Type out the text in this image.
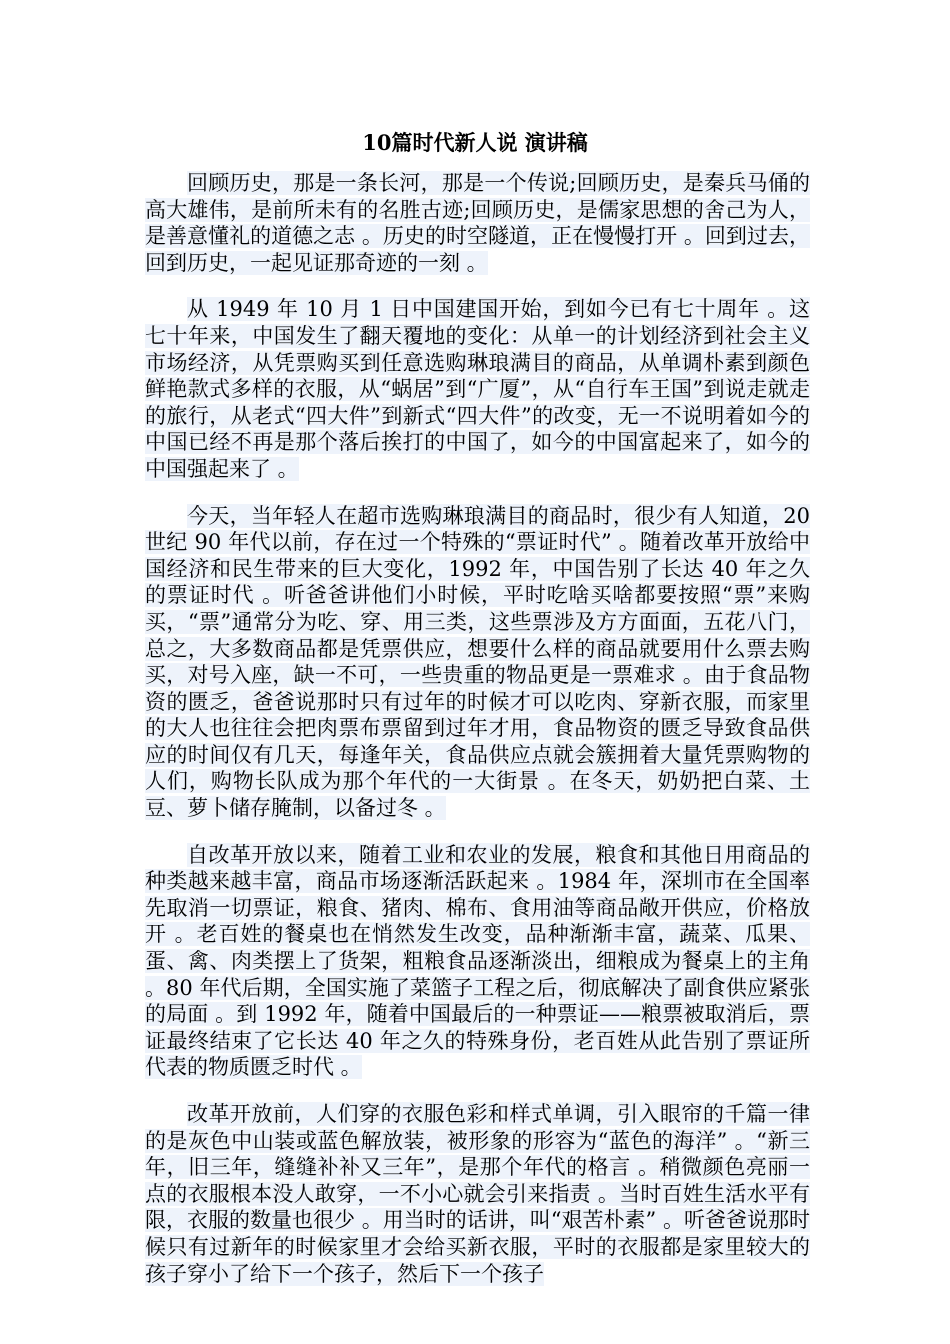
10篇时代新人说 演讲稿

回顾历史，那是一条长河，那是一个传说;回顾历史，是秦兵马俑的高大雄伟，是前所未有的名胜古迹;回顾历史，是儒家思想的舍己为人，是善意懂礼的道德之志 。历史的时空隧道，正在慢慢打开 。回到过去，回到历史，一起见证那奇迹的一刻 。

从 1949 年 10 月 1 日中国建国开始，到如今已有七十周年 。这七十年来，中国发生了翻天覆地的变化：从单一的计划经济到社会主义市场经济，从凭票购买到任意选购琳琅满目的商品，从单调朴素到颜色鲜艳款式多样的衣服，从“蜗居”到“广厦”，从“自行车王国”到说走就走的旅行，从老式“四大件”到新式“四大件”的改变，无一不说明着如今的中国已经不再是那个落后挨打的中国了，如今的中国富起来了，如今的中国强起来了 。

今天，当年轻人在超市选购琳琅满目的商品时，很少有人知道，20 世纪 90 年代以前，存在过一个特殊的“票证时代” 。随着改革开放给中国经济和民生带来的巨大变化，1992 年，中国告别了长达 40 年之久的票证时代 。听爸爸讲他们小时候，平时吃啥买啥都要按照“票”来购买，“票”通常分为吃、穿、用三类，这些票涉及方方面面，五花八门，总之，大多数商品都是凭票供应，想要什么样的商品就要用什么票去购买，对号入座，缺一不可，一些贵重的物品更是一票难求 。由于食品物资的匮乏，爸爸说那时只有过年的时候才可以吃肉、穿新衣服，而家里的大人也往往会把肉票布票留到过年才用，食品物资的匮乏导致食品供应的时间仅有几天，每逢年关，食品供应点就会簇拥着大量凭票购物的人们，购物长队成为那个年代的一大街景 。在冬天，奶奶把白菜、土豆、萝卜储存腌制，以备过冬 。

自改革开放以来，随着工业和农业的发展，粮食和其他日用商品的种类越来越丰富，商品市场逐渐活跃起来 。1984 年，深圳市在全国率先取消一切票证，粮食、猪肉、棉布、食用油等商品敞开供应，价格放开 。老百姓的餐桌也在悄然发生改变，品种渐渐丰富，蔬菜、瓜果、蛋、禽、肉类摆上了货架，粗粮食品逐渐淡出，细粮成为餐桌上的主角 。80 年代后期，全国实施了菜篮子工程之后，彻底解决了副食供应紧张的局面 。到 1992 年，随着中国最后的一种票证——粮票被取消后，票证最终结束了它长达 40 年之久的特殊身份，老百姓从此告别了票证所代表的物质匮乏时代 。

改革开放前，人们穿的衣服色彩和样式单调，引入眼帘的千篇一律的是灰色中山装或蓝色解放装，被形象的形容为“蓝色的海洋” 。“新三年，旧三年，缝缝补补又三年”，是那个年代的格言 。稍微颜色亮丽一点的衣服根本没人敢穿，一不小心就会引来指责 。当时百姓生活水平有限，衣服的数量也很少 。用当时的话讲，叫“艰苦朴素” 。听爸爸说那时候只有过新年的时候家里才会给买新衣服，平时的衣服都是家里较大的孩子穿小了给下一个孩子，然后下一个孩子
